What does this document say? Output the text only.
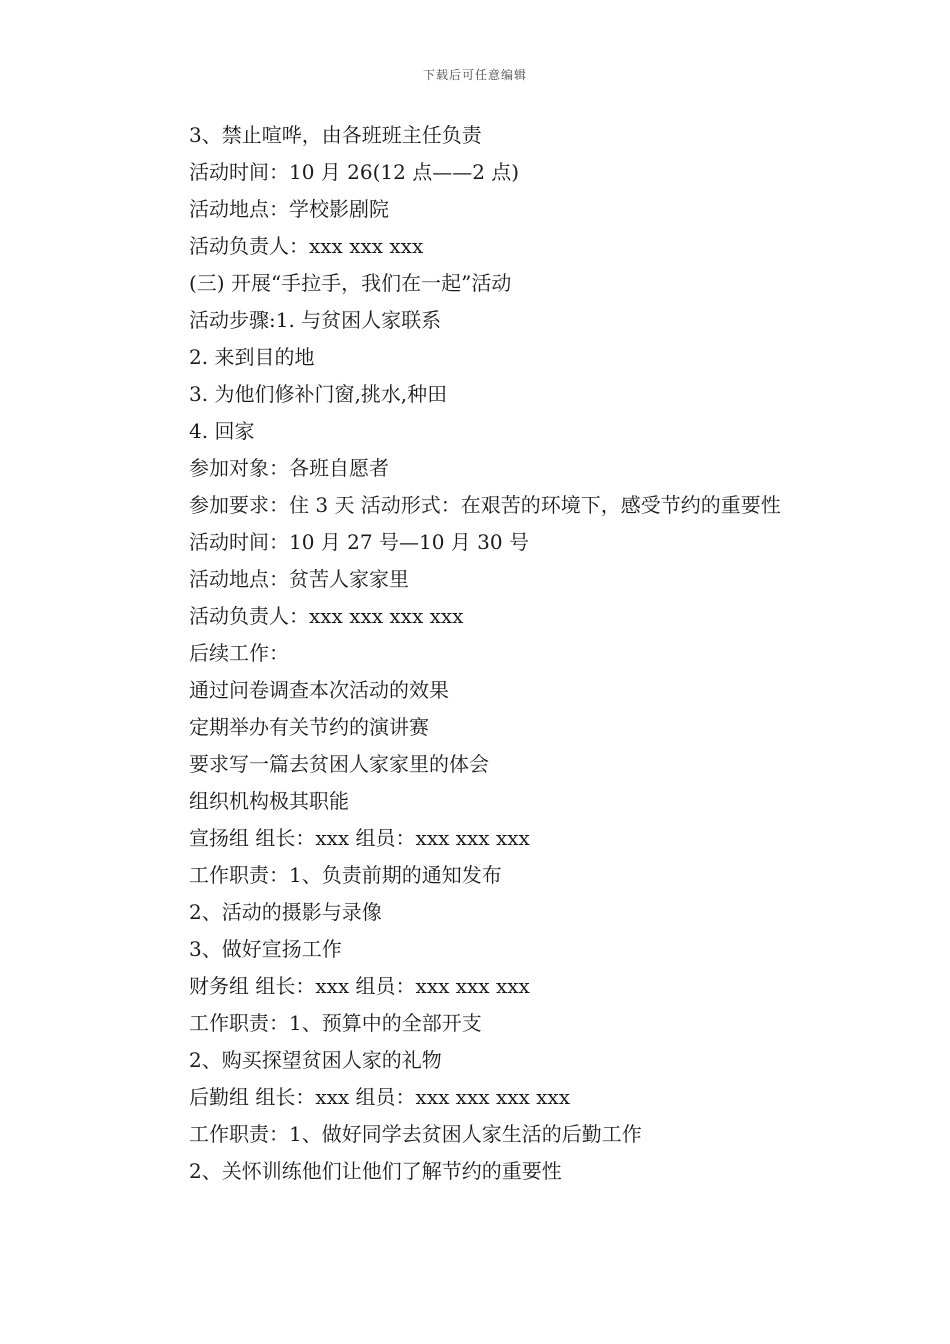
下载后可任意编辑
3、禁止喧哗，由各班班主任负责
活动时间：10 月 26(12 点——2 点)
活动地点：学校影剧院
活动负责人：xxx xxx xxx
(三) 开展“手拉手，我们在一起”活动
活动步骤:1. 与贫困人家联系
2. 来到目的地
3. 为他们修补门窗,挑水,种田
4. 回家
参加对象：各班自愿者
参加要求：住 3 天 活动形式：在艰苦的环境下，感受节约的重要性
活动时间：10 月 27 号—10 月 30 号
活动地点：贫苦人家家里
活动负责人：xxx xxx xxx xxx
后续工作：
通过问卷调查本次活动的效果
定期举办有关节约的演讲赛
要求写一篇去贫困人家家里的体会
组织机构极其职能
宣扬组 组长：xxx 组员：xxx xxx xxx
工作职责：1、负责前期的通知发布
2、活动的摄影与录像
3、做好宣扬工作
财务组 组长：xxx 组员：xxx xxx xxx
工作职责：1、预算中的全部开支
2、购买探望贫困人家的礼物
后勤组 组长：xxx 组员：xxx xxx xxx xxx
工作职责：1、做好同学去贫困人家生活的后勤工作
2、关怀训练他们让他们了解节约的重要性
